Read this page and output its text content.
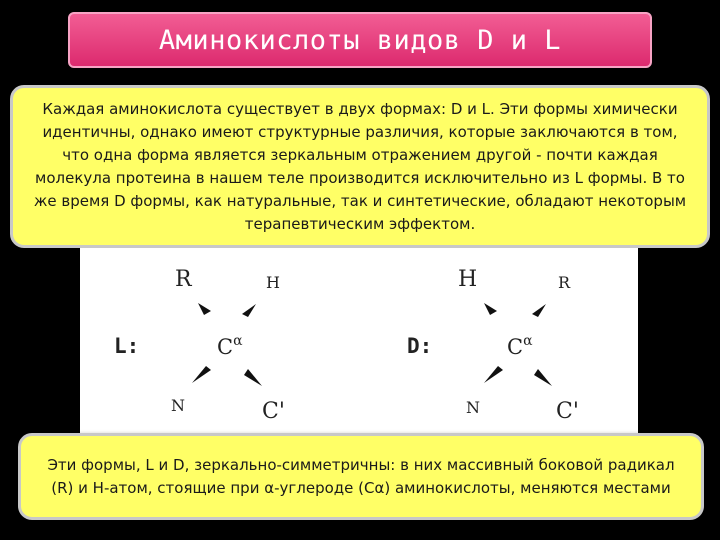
Аминокислоты видов D и L
Каждая аминокислота существует в двух формах: D и L. Эти формы химически идентичны, однако имеют структурные различия, которые заключаются в том, что одна форма является зеркальным отражением другой - почти каждая молекула протеина в нашем теле производится исключительно из L формы. В то же время D формы, как натуральные, так и синтетические, обладают некоторым терапевтическим эффектом.
R	H
L:	$C^\alpha$
N	C'
H	R
D:	$C^\alpha$
N	C'
Эти формы, L и D, зеркально-симметричны: в них массивный боковой радикал (R) и Н-атом, стоящие при α-углероде (Cα) аминокислоты, меняются местами
